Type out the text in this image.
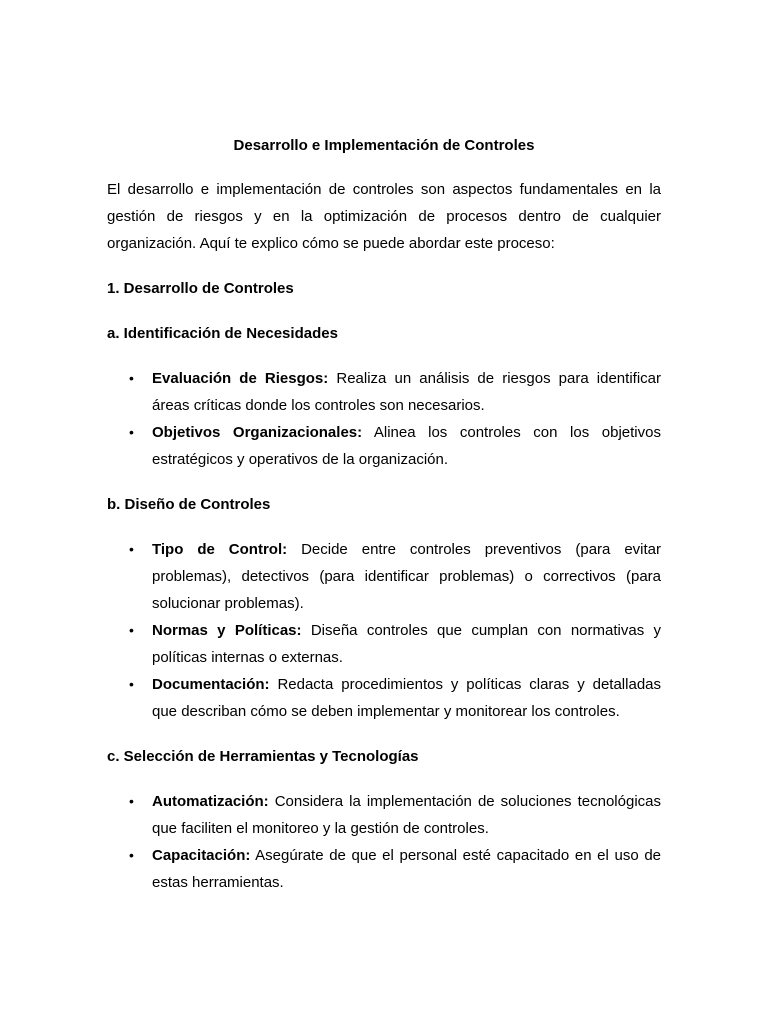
Desarrollo e Implementación de Controles
El desarrollo e implementación de controles son aspectos fundamentales en la gestión de riesgos y en la optimización de procesos dentro de cualquier organización. Aquí te explico cómo se puede abordar este proceso:
1. Desarrollo de Controles
a. Identificación de Necesidades
• Evaluación de Riesgos: Realiza un análisis de riesgos para identificar áreas críticas donde los controles son necesarios.
• Objetivos Organizacionales: Alinea los controles con los objetivos estratégicos y operativos de la organización.
b. Diseño de Controles
• Tipo de Control: Decide entre controles preventivos (para evitar problemas), detectivos (para identificar problemas) o correctivos (para solucionar problemas).
• Normas y Políticas: Diseña controles que cumplan con normativas y políticas internas o externas.
• Documentación: Redacta procedimientos y políticas claras y detalladas que describan cómo se deben implementar y monitorear los controles.
c. Selección de Herramientas y Tecnologías
• Automatización: Considera la implementación de soluciones tecnológicas que faciliten el monitoreo y la gestión de controles.
• Capacitación: Asegúrate de que el personal esté capacitado en el uso de estas herramientas.
